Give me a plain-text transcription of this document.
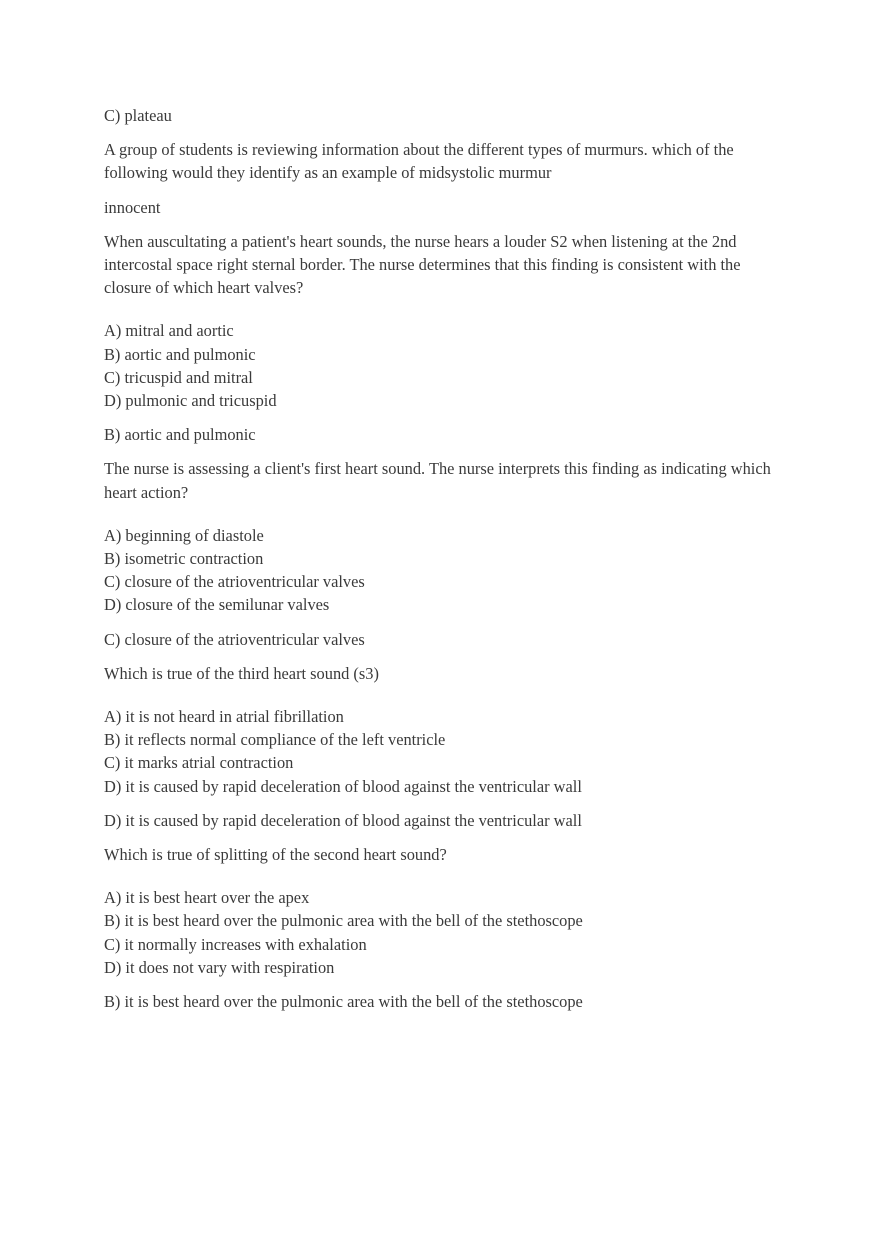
C) plateau

A group of students is reviewing information about the different types of murmurs. which of the following would they identify as an example of midsystolic murmur

innocent

When auscultating a patient's heart sounds, the nurse hears a louder S2 when listening at the 2nd intercostal space right sternal border. The nurse determines that this finding is consistent with the closure of which heart valves?

A) mitral and aortic

B) aortic and pulmonic

C) tricuspid and mitral

D) pulmonic and tricuspid

B) aortic and pulmonic

The nurse is assessing a client's first heart sound. The nurse interprets this finding as indicating which heart action?

A) beginning of diastole

B) isometric contraction

C) closure of the atrioventricular valves

D) closure of the semilunar valves

C) closure of the atrioventricular valves

Which is true of the third heart sound (s3)

A) it is not heard in atrial fibrillation

B) it reflects normal compliance of the left ventricle

C) it marks atrial contraction

D) it is caused by rapid deceleration of blood against the ventricular wall

D) it is caused by rapid deceleration of blood against the ventricular wall

Which is true of splitting of the second heart sound?

A) it is best heart over the apex

B) it is best heard over the pulmonic area with the bell of the stethoscope

C) it normally increases with exhalation

D) it does not vary with respiration

B) it is best heard over the pulmonic area with the bell of the stethoscope
